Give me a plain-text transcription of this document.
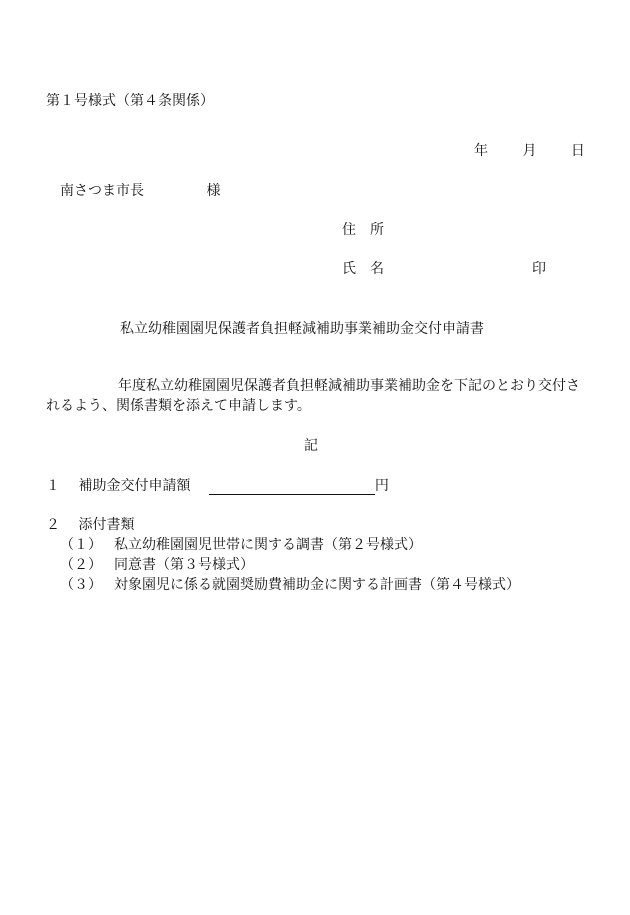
第１号様式（第４条関係）
年 月 日
南さつま市長	様
住　所
氏　名	印
私立幼稚園園児保護者負担軽減補助事業補助金交付申請書
年度私立幼稚園園児保護者負担軽減補助事業補助金を下記のとおり交付されるよう、関係書類を添えて申請します。
記
１ 補助金交付申請額	円
２ 添付書類
（１） 私立幼稚園園児世帯に関する調書（第２号様式）
（２） 同意書（第３号様式）
（３） 対象園児に係る就園奨励費補助金に関する計画書（第４号様式）
